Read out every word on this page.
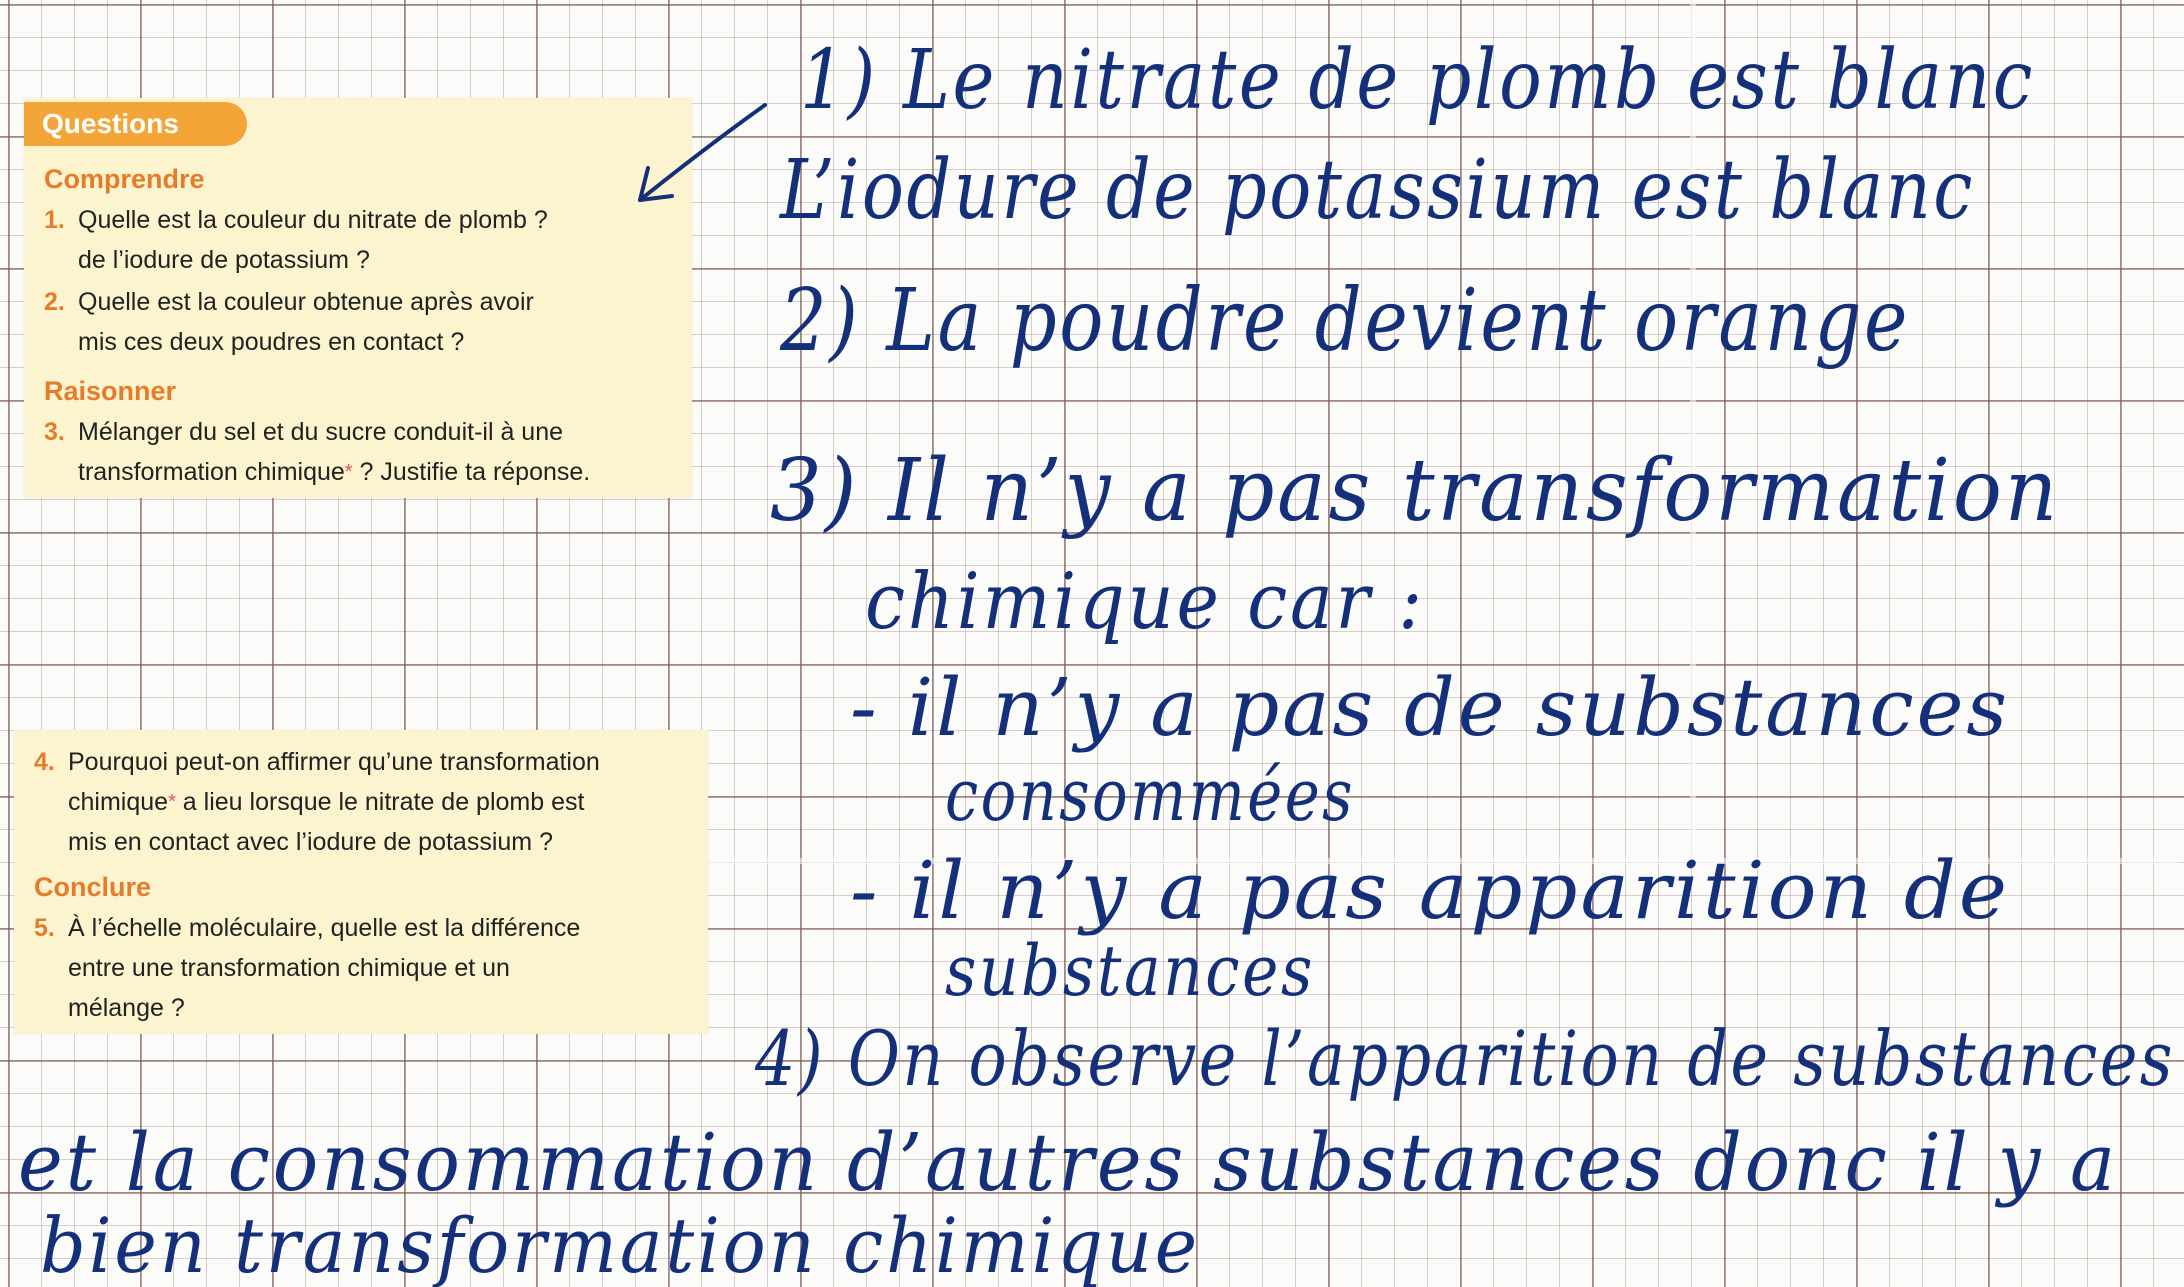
Questions
Comprendre
1. Quelle est la couleur du nitrate de plomb ?
de l’iodure de potassium ?
2. Quelle est la couleur obtenue après avoir
mis ces deux poudres en contact ?
Raisonner
3. Mélanger du sel et du sucre conduit-il à une
transformation chimique* ? Justifie ta réponse.
4. Pourquoi peut-on affirmer qu’une transformation
chimique* a lieu lorsque le nitrate de plomb est
mis en contact avec l’iodure de potassium ?
Conclure
5. À l’échelle moléculaire, quelle est la différence
entre une transformation chimique et un
mélange ?
1) Le nitrate de plomb est blanc
L’iodure de potassium est blanc
2) La poudre devient orange
3) Il n’y a pas transformation
chimique car :
- il n’y a pas de substances
consommées
- il n’y a pas apparition de
substances
4) On observe l’apparition de substances
et la consommation d’autres substances donc il y a
bien transformation chimique
